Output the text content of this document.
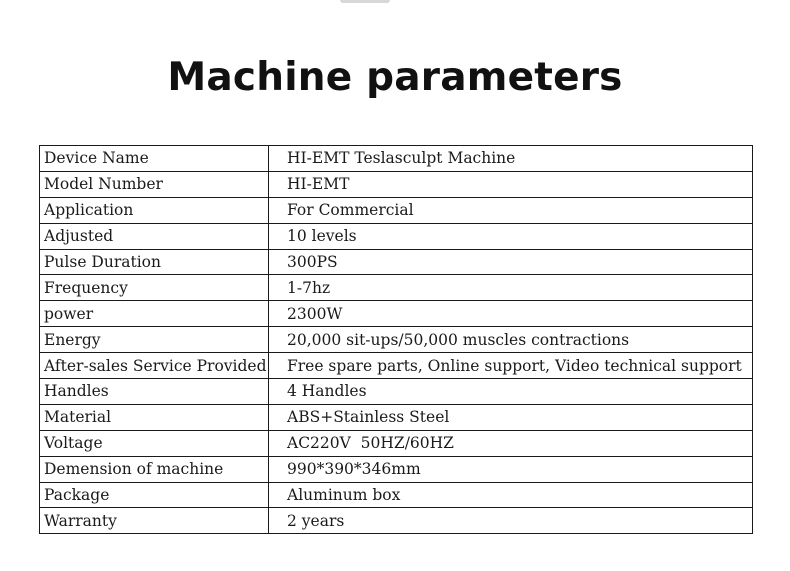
Machine parameters
Device Name	HI-EMT Teslasculpt Machine
Model Number	HI-EMT
Application	For Commercial
Adjusted	10 levels
Pulse Duration	300PS
Frequency	1-7hz
power	2300W
Energy	20,000 sit-ups/50,000 muscles contractions
After-sales Service Provided	Free spare parts, Online support, Video technical support
Handles	4 Handles
Material	ABS+Stainless Steel
Voltage	AC220V  50HZ/60HZ
Demension of machine	990*390*346mm
Package	Aluminum box
Warranty	2 years
